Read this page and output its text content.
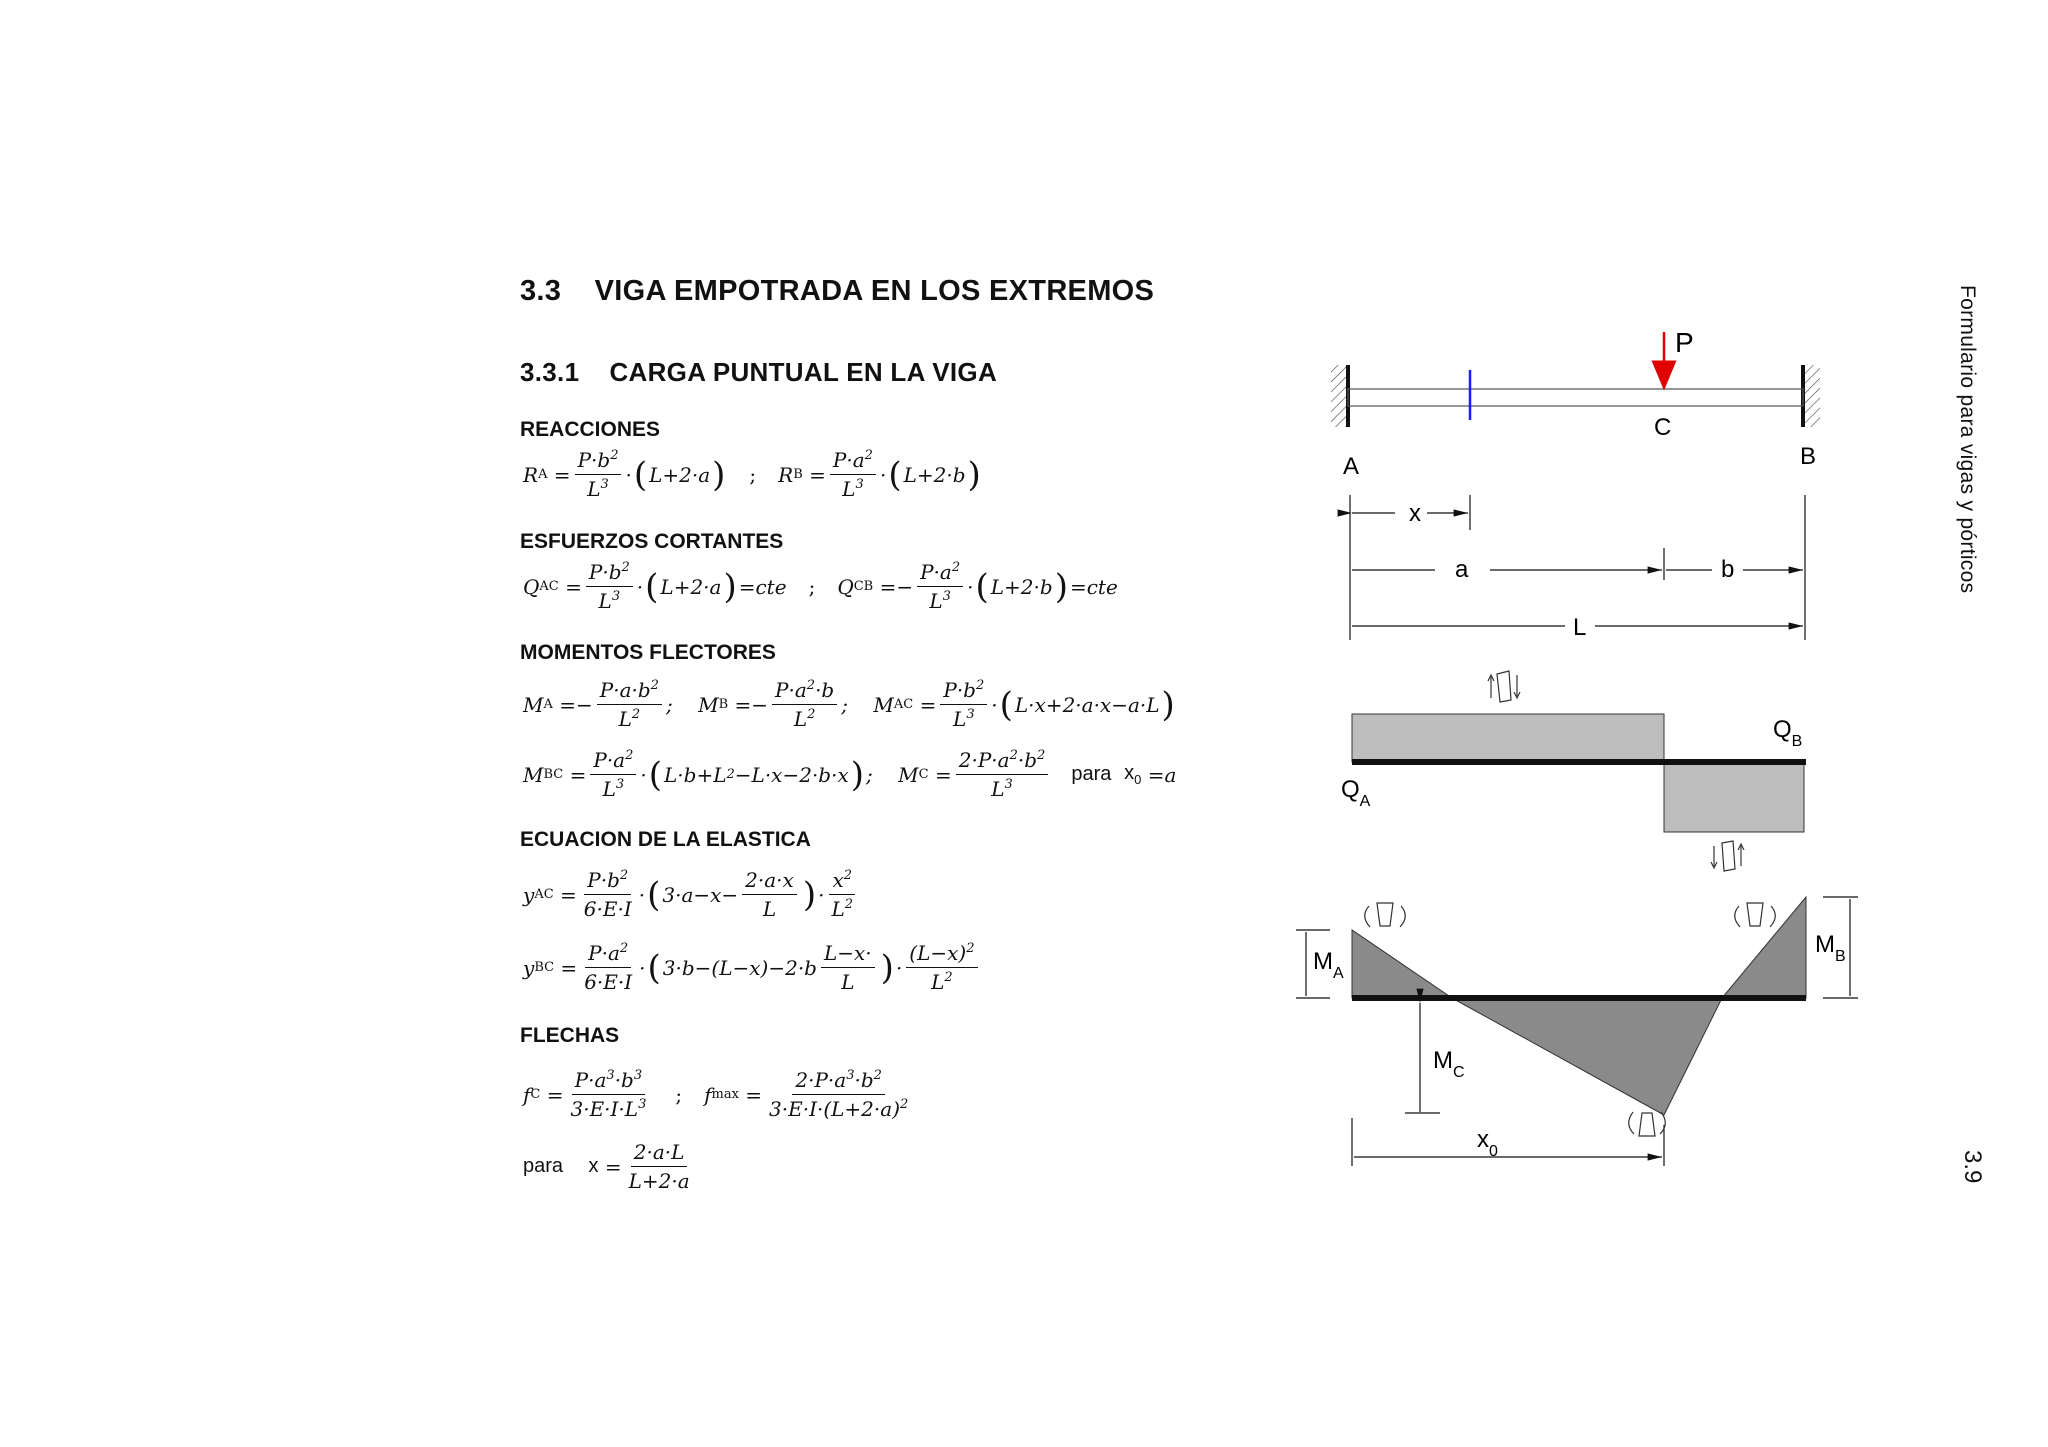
3.3 VIGA EMPOTRADA EN LOS EXTREMOS
3.3.1 CARGA PUNTUAL EN LA VIGA	Formulario para vigas y pórticos
3.9
REACCIONES
R $A = \frac{P\cdot b^2}{L^3}$ · ( L+2·a ) ; R $B = \frac{P\cdot a^2}{L^3}$ · ( L+2·b )
ESFUERZOS CORTANTES
Q AC = $\frac{P\cdot b^2}{L^3}$ · ( L+2·a ) =cte ; Q CB =− $\frac{P\cdot a^2}{L^3}$ · ( L+2·b ) =cte
MOMENTOS FLECTORES
M $A =- \frac{P\cdot a\cdot b^2}{L^2}$ ;    M $B =- \frac{P\cdot a^2\cdot b}{L^2}$ ;    M AC = $\frac{P\cdot b^2}{L^3}$ · ( L·x+2·a·x−a·L )
M BC = $\frac{P\cdot a^2}{L^3}$ · ( L·b+L 2 −L·x−2·b·x ) ;    M $C = \frac{2\cdot P\cdot a^2\cdot b^2}{L^3}$
para
$x_0 =a$
ECUACION DE LA ELASTICA
y AC = $\frac{P\cdot b^2}{6\cdot E\cdot I}$ · ( $3\cdot a-x- \frac{2\cdot a\cdot x}{L}$ ) · $\frac{x^2}{L^2}$
y BC = $\frac{P\cdot a^2}{6\cdot E\cdot I}$ · ( $3\cdot b-(L-x)-2\cdot b \frac{L-x\cdot}{L}$ ) · $\frac{(L-x)^2}{L^2}$
FLECHAS
f $C = \frac{P\cdot a^3\cdot b^3}{3\cdot E\cdot I\cdot L^3}$ ; f $\max = \frac{2\cdot P\cdot a^3\cdot b^2}{3\cdot E\cdot I\cdot(L+2\cdot a)^2}$
para
$x = \frac{2\cdot a\cdot L}{L+2\cdot a}$
P
C
A	B
x
a	b
L
$Q_A$
$Q_B$
$M_A$
$M_B$
$M_C$
$x_0$
